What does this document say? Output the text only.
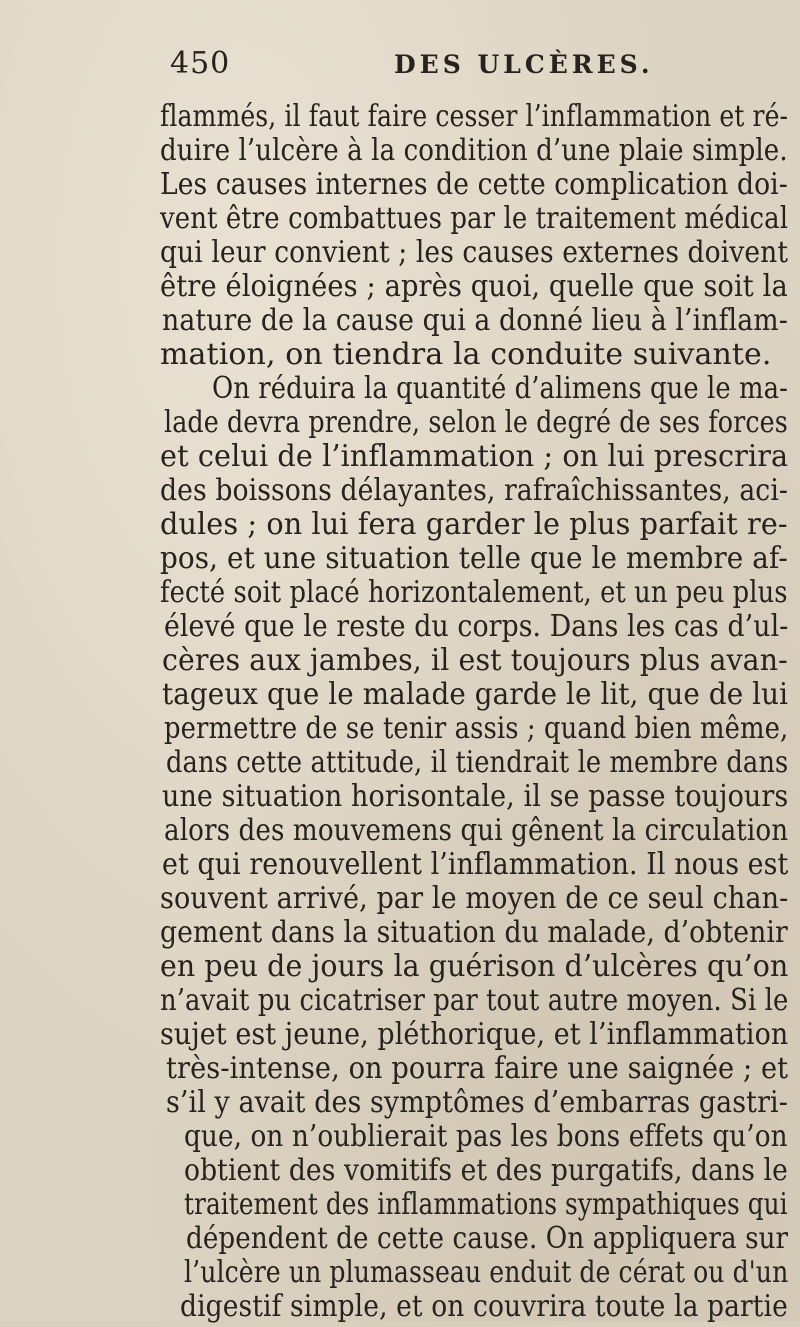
450	DES ULCÈRES.
flammés, il faut faire cesser l’inflammation et ré-
duire l’ulcère à la condition d’une plaie simple.
Les causes internes de cette complication doi-
vent être combattues par le traitement médical
qui leur convient ; les causes externes doivent
être éloignées ; après quoi, quelle que soit la
nature de la cause qui a donné lieu à l’inflam-
mation, on tiendra la conduite suivante.
On réduira la quantité d’alimens que le ma-
lade devra prendre, selon le degré de ses forces
et celui de l’inflammation ; on lui prescrira
des boissons délayantes, rafraîchissantes, aci-
dules ; on lui fera garder le plus parfait re-
pos, et une situation telle que le membre af-
fecté soit placé horizontalement, et un peu plus
élevé que le reste du corps. Dans les cas d’ul-
cères aux jambes, il est toujours plus avan-
tageux que le malade garde le lit, que de lui
permettre de se tenir assis ; quand bien même,
dans cette attitude, il tiendrait le membre dans
une situation horisontale, il se passe toujours
alors des mouvemens qui gênent la circulation
et qui renouvellent l’inflammation. Il nous est
souvent arrivé, par le moyen de ce seul chan-
gement dans la situation du malade, d’obtenir
en peu de jours la guérison d’ulcères qu’on
n’avait pu cicatriser par tout autre moyen. Si le
sujet est jeune, pléthorique, et l’inflammation
très-intense, on pourra faire une saignée ; et
s’il y avait des symptômes d’embarras gastri-
que, on n’oublierait pas les bons effets qu’on
obtient des vomitifs et des purgatifs, dans le
traitement des inflammations sympathiques qui
dépendent de cette cause. On appliquera sur
l’ulcère un plumasseau enduit de cérat ou d'un
digestif simple, et on couvrira toute la partie
